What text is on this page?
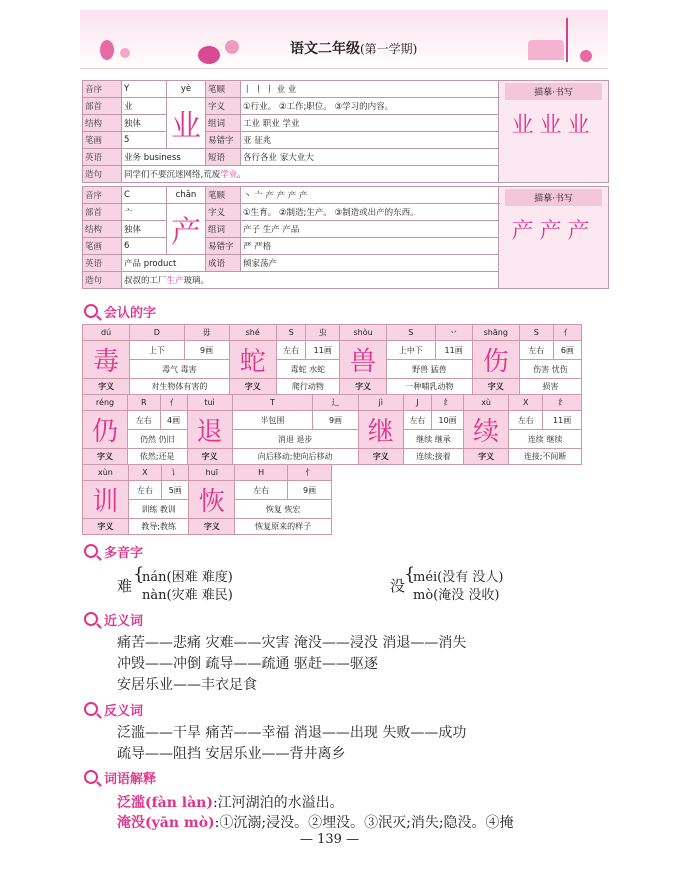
语文二年级(第一学期)
音序	Y	yè	笔顺	丨 丨 丨 业 业	描摹·书写
业业业

部首	业	业	字义	①行业。 ②工作;职位。 ③学习的内容。	
结构	独体		组词	工业 职业 学业	
笔画	5		易错字	亚 征兆	
英语	业务 business		短语	各行各业 家大业大	
造句	同学们不要沉迷网络,荒废学业。				
音序	C	chǎn	笔顺	丶 亠 产 产 产 产	描摹·书写
产产产

部首	亠	产	字义	①生育。 ②制造;生产。 ③制造或出产的东西。	
结构	独体		组词	产子 生产 产品	
笔画	6		易错字	严 严格	
英语	产品 product		成语	倾家荡产	
造句	叔叔的工厂生产玻璃。				
会认的字
dú	D	毋	shé	S	虫	shòu	S	丷	shāng	S	亻
毒	上下	9画	蛇	左右	11画	兽	上中下	11画	伤	左右	6画
	毒气 毒害			毒蛇 水蛇			野兽 猛兽			伤害 忧伤	
字义	对生物体有害的		字义	爬行动物		字义	一种哺乳动物		字义	损害	
réng	R	亻	tuì	T	辶	jì	J	纟	xù	X	纟
仍	左右	4画	退	半包围	9画	继	左右	10画	续	左右	11画
	仍然 仍旧			消退 退步			继续 继承			连续 继续	
字义	依然;还是		字义	向后移动;使向后移动		字义	连续;接着		字义	连接;不间断	
xùn	X	讠	huī	H	忄
训	左右	5画	恢	左右	9画
	训练 教训			恢复 恢宏	
字义	教导;教练		字义	恢复原来的样子	
多音字
难
{
nán(困难 难度)
nàn(灾难 难民)
没
{
méi(没有 没人)
mò(淹没 没收)
近义词
痛苦——悲痛 灾难——灾害 淹没——浸没 消退——消失
冲毁——冲倒 疏导——疏通 驱赶——驱逐
安居乐业——丰衣足食
反义词
泛滥——干旱 痛苦——幸福 消退——出现 失败——成功
疏导——阻挡 安居乐业——背井离乡
词语解释
泛滥(fàn làn):江河湖泊的水溢出。
淹没(yān mò):①沉溺;浸没。②埋没。③泯灭;消失;隐没。④掩
— 139 —
